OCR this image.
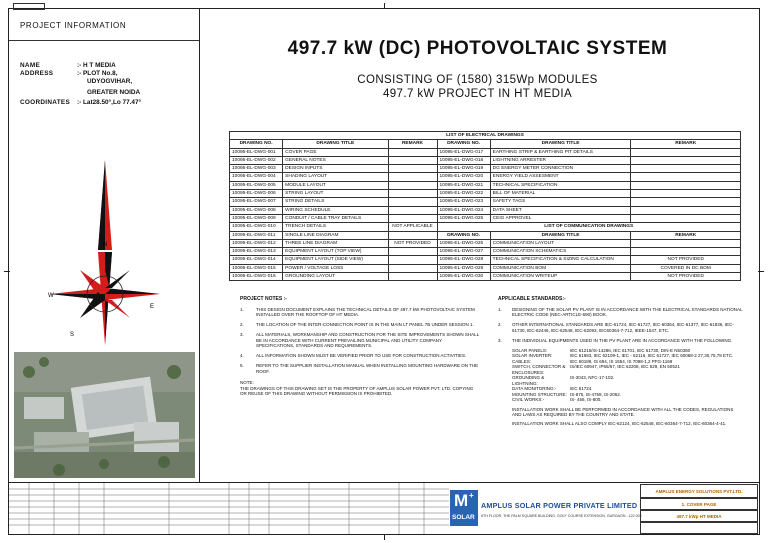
PROJECT INFORMATION
NAME	:- H T MEDIA
ADDRESS	:- PLOT No.8,
UDYOGVIHAR,
GREATER NOIDA
COORDINATES :- Lat28.50°,Lo 77.47°
N
W
E
S
497.7 kW (DC) PHOTOVOLTAIC SYSTEM
CONSISTING OF (1580) 315Wp MODULES
497.7 kW PROJECT IN HT MEDIA
LIST OF ELECTRICAL DRAWINGS					
DRAWING NO.	DRAWING TITLE	REMARK	DRAWING NO.	DRAWING TITLE	REMARK
10095-EL-DWG-001	COVER PAGE		10095-EL-DWG-017	EARTHING STRIP & EARTHING PIT DETAILS	
10095-EL-DWG-002	GENERAL NOTES		10095-EL-DWG-018	LIGHTNING ARRESTER	
10095-EL-DWG-003	DESIGN INPUTS		10095-EL-DWG-019	DG ENERGY METER CONNECTION	
10095-EL-DWG-004	SHADING LAYOUT		10095-EL-DWG-020	ENERGY YIELD ASSESMENT	
10095-EL-DWG-005	MODULE LAYOUT		10095-EL-DWG-021	TECHNICAL SPECIFICATION	
10095-EL-DWG-006	STRING LAYOUT		10095-EL-DWG-022	BILL OF MATERIAL	
10095-EL-DWG-007	STRING DETAILS		10095-EL-DWG-023	SAFETY TAGS	
10095-EL-DWG-008	WIRING SCHEDULE		10095-EL-DWG-024	DATA SHEET	
10095-EL-DWG-009	CONDUIT / CABLE TRAY DETAILS		10095-EL-DWG-025	CEIG APPROVEL	
10095-EL-DWG-010	TRENCH DETAILS	NOT APPLICABLE	LIST OF COMMUNICATION DRAWINGS		
10095-EL-DWG-011	SINGLE LINE DIAGRAM		DRAWING NO.	DRAWING TITLE	REMARK
10095-EL-DWG-012	THREE LINE DIAGRAM	NOT PROVIDED	10095-EL-DWG-026	COMMUNICATION LAYOUT	
10095-EL-DWG-013	EQUIPMENT LAYOUT (TOP VIEW)		10095-EL-DWG-027	COMMUNICATION SCHEMATICS	
10095-EL-DWG-014	EQUIPMENT LAYOUT (SIDE VIEW)		10095-EL-DWG-028	TECHNICAL SPECIFICATION & SIZING CALCULATION	NOT PROVIDED
10095-EL-DWG-015	POWER / VOLTAGE LOSS		10095-EL-DWG-029	COMMUNICATION BOM	COVERED IN DC BOM
10095-EL-DWG-016	GROUNDING LAYOUT		10095-EL-DWG-030	COMMUNICATION WRITEUP	NOT PROVIDED
PROJECT NOTES :-
1.	THIS DESIGN DOCUMENT EXPLAINS THE TECHNICAL DETAILS OF 497.7 kW PHOTOVOLTAIC SYSTEM INSTALLED OVER THE ROOFTOP OF HT MEDIA.
2.	THE LOCATION OF THE INTER-CONNECTION POINT IS IN THE MAIN LT PANEL 7B UNDER SESSION 1.
3.	ALL MATERIALS, WORKMANSHIP AND CONSTRUCTION FOR THE SITE IMPROVEMENTS SHOWN SHALL BE IN ACCORDANCE WITH CURRENT PREVAILING MUNICIPAL AND UTILITY COMPANY SPECIFICATIONS, STANDARDS AND REQUIREMENTS.
4.	ALL INFORMATION SHOWN MUST BE VERIFIED PRIOR TO USE FOR CONSTRUCTION ACTIVITIES.
5.	REFER TO THE SUPPLIER INSTALLATION MANUAL WHEN INSTALLING MOUNTING HARDWARE ON THE ROOF.
NOTE:
THE DRAWINGS OF THIS DRAWING SET IS THE PROPERTY OF AMPLUS SOLAR POWER PVT. LTD. COPYING OR REUSE OF THIS DRAWING WITHOUT PERMISSION IS PROHIBITED.
APPLICABLE STANDARDS:-
1.	DESIGNING OF THE SOLAR PV PLANT IS IN ACCORDANCE WITH THE ELECTRICAL STANDARDS NATIONAL ELECTRIC CODE (NEC-ARTICLE-690) BOOK.
2.	OTHER INTERNATIONAL STANDARDS ARE IEC-61724, IEC-61727, IEC-60364, IEC-61377, IEC-61836, IEC-61730, IEC-62446, IEC-62548, IEC-62093, IEC60364-7-712, IEEE-1547, ETC.
3.	THE INDIVIDUAL EQUIPMENTS USED IN THE PV PLANT ARE IN ACCORDANCE WITH THE FOLLOWING.
SOLAR PANELS:	IEC 61215/IS-14286, IEC 61701, IEC 61730, DIN-E N50380
SOLAR INVERTER:	IEC 61683, IEC 62109-1, IEC - 62116, IEC 61727, IEC 60068-2 27,30,75,78 ETC.
CABLES:	IEC 60189, IS 694, IS 1554, IS 7098-1,2 PFG-1169
SWITCH, CONNECTOR & ENCLOSURES:
IS/IEC 60947, IP65/67, IEC 62208, IEC 529, EN 50521
GROUNDING & LIGHTNING:
IS-3043, NFC-17-102.
DATA MONITORING:-	IEC 61724.
MOUNTING STRUCTURE: IS-875, IS-4759, IS-2062.
CIVIL WORKS:-	IS- 456, IS-800.
INSTALLATION WORK SHALL BE PERFORMED IN ACCORDANCE WITH ALL THE CODES, REGULATIONS AND LAWS AS REQUIRED BY THE COUNTRY AND STATE.
INSTALLATION WORK SHALL ALSO COMPLY IEC-62124, IEC-62548, IEC-60364-7-712, IEC-60364-4-41.
M +
SOLAR
AMPLUS SOLAR POWER PRIVATE LIMITED
6TH FLOOR, THE PALM SQUARE BUILDING, GOLF COURSE EXTENSION, GURGAON - 122 002
AMPLUS ENERGY SOLUTIONS PVT.LTD.
1. COVER PAGE
497.7 kWp HT MEDIA
